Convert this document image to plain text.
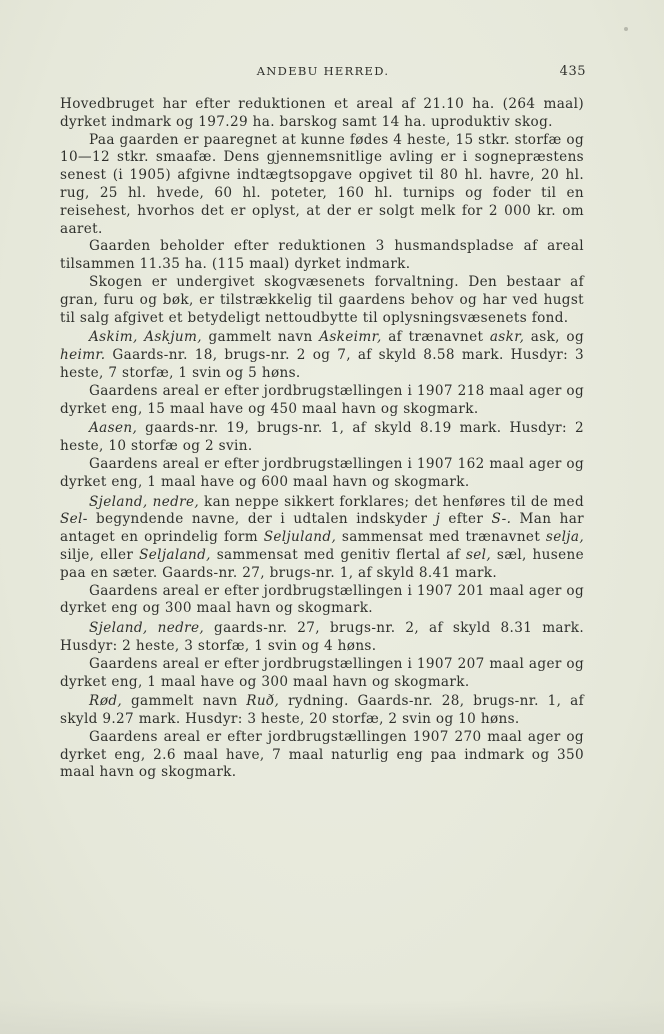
ANDEBU HERRED.	435

Hovedbruget har efter reduktionen et areal af 21.10 ha. (264 maal) dyrket indmark og 197.29 ha. barskog samt 14 ha. uproduktiv skog.

Paa gaarden er paaregnet at kunne fødes 4 heste, 15 stkr. storfæ og 10—12 stkr. smaafæ. Dens gjennemsnitlige avling er i sognepræstens senest (i 1905) afgivne indtægtsopgave opgivet til 80 hl. havre, 20 hl. rug, 25 hl. hvede, 60 hl. poteter, 160 hl. turnips og foder til en reisehest, hvorhos det er oplyst, at der er solgt melk for 2 000 kr. om aaret.

Gaarden beholder efter reduktionen 3 husmandspladse af areal tilsammen 11.35 ha. (115 maal) dyrket indmark.

Skogen er undergivet skogvæsenets forvaltning. Den bestaar af gran, furu og bøk, er tilstrækkelig til gaardens behov og har ved hugst til salg afgivet et betydeligt nettoudbytte til oplysningsvæsenets fond.

Askim, Askjum, gammelt navn Askeimr, af trænavnet askr, ask, og heimr. Gaards-nr. 18, brugs-nr. 2 og 7, af skyld 8.58 mark. Husdyr: 3 heste, 7 storfæ, 1 svin og 5 høns.

Gaardens areal er efter jordbrugstællingen i 1907 218 maal ager og dyrket eng, 15 maal have og 450 maal havn og skogmark.

Aasen, gaards-nr. 19, brugs-nr. 1, af skyld 8.19 mark. Husdyr: 2 heste, 10 storfæ og 2 svin.

Gaardens areal er efter jordbrugstællingen i 1907 162 maal ager og dyrket eng, 1 maal have og 600 maal havn og skogmark.

Sjeland, nedre, kan neppe sikkert forklares; det henføres til de med Sel- begyndende navne, der i udtalen indskyder j efter S-. Man har antaget en oprindelig form Seljuland, sammensat med trænavnet selja, silje, eller Seljaland, sammensat med genitiv flertal af sel, sæl, husene paa en sæter. Gaards-nr. 27, brugs-nr. 1, af skyld 8.41 mark.

Gaardens areal er efter jordbrugstællingen i 1907 201 maal ager og dyrket eng og 300 maal havn og skogmark.

Sjeland, nedre, gaards-nr. 27, brugs-nr. 2, af skyld 8.31 mark. Husdyr: 2 heste, 3 storfæ, 1 svin og 4 høns.

Gaardens areal er efter jordbrugstællingen i 1907 207 maal ager og dyrket eng, 1 maal have og 300 maal havn og skogmark.

Rød, gammelt navn Ruð, rydning. Gaards-nr. 28, brugs-nr. 1, af skyld 9.27 mark. Husdyr: 3 heste, 20 storfæ, 2 svin og 10 høns.

Gaardens areal er efter jordbrugstællingen 1907 270 maal ager og dyrket eng, 2.6 maal have, 7 maal naturlig eng paa indmark og 350 maal havn og skogmark.
